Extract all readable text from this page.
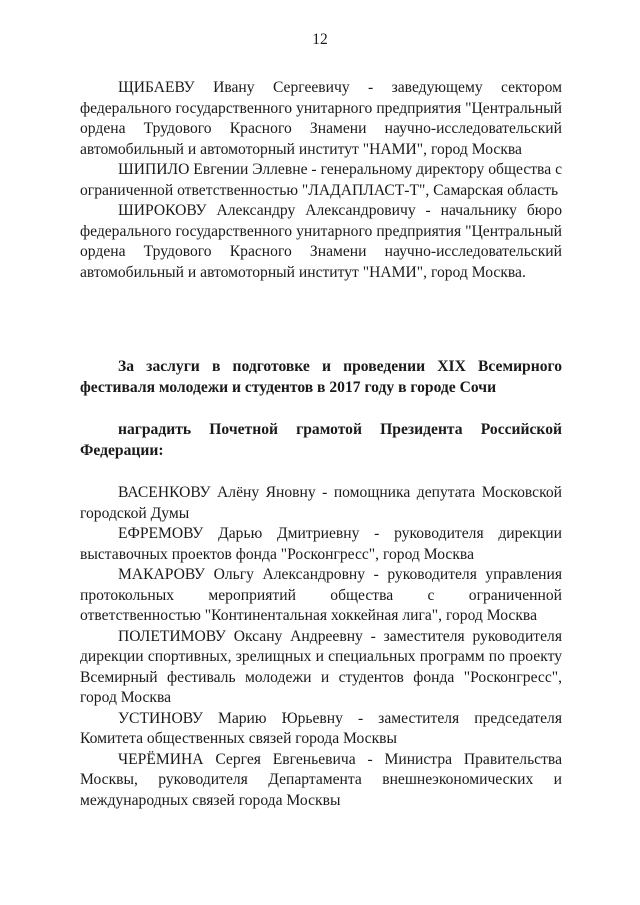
12

ЩИБАЕВУ Ивану Сергеевичу - заведующему сектором федерального государственного унитарного предприятия "Центральный ордена Трудового Красного Знамени научно-исследовательский автомобильный и автомоторный институт "НАМИ", город Москва

ШИПИЛО Евгении Эллевне - генеральному директору общества с ограниченной ответственностью "ЛАДАПЛАСТ-Т", Самарская область

ШИРОКОВУ Александру Александровичу - начальнику бюро федерального государственного унитарного предприятия "Центральный ордена Трудового Красного Знамени научно-исследовательский автомобильный и автомоторный институт "НАМИ", город Москва.

За заслуги в подготовке и проведении XIX Всемирного фестиваля молодежи и студентов в 2017 году в городе Сочи

наградить Почетной грамотой Президента Российской Федерации:

ВАСЕНКОВУ Алёну Яновну - помощника депутата Московской городской Думы

ЕФРЕМОВУ Дарью Дмитриевну - руководителя дирекции выставочных проектов фонда "Росконгресс", город Москва

МАКАРОВУ Ольгу Александровну - руководителя управления протокольных мероприятий общества с ограниченной ответственностью "Континентальная хоккейная лига", город Москва

ПОЛЕТИМОВУ Оксану Андреевну - заместителя руководителя дирекции спортивных, зрелищных и специальных программ по проекту Всемирный фестиваль молодежи и студентов фонда "Росконгресс", город Москва

УСТИНОВУ Марию Юрьевну - заместителя председателя Комитета общественных связей города Москвы

ЧЕРЁМИНА Сергея Евгеньевича - Министра Правительства Москвы, руководителя Департамента внешнеэкономических и международных связей города Москвы
